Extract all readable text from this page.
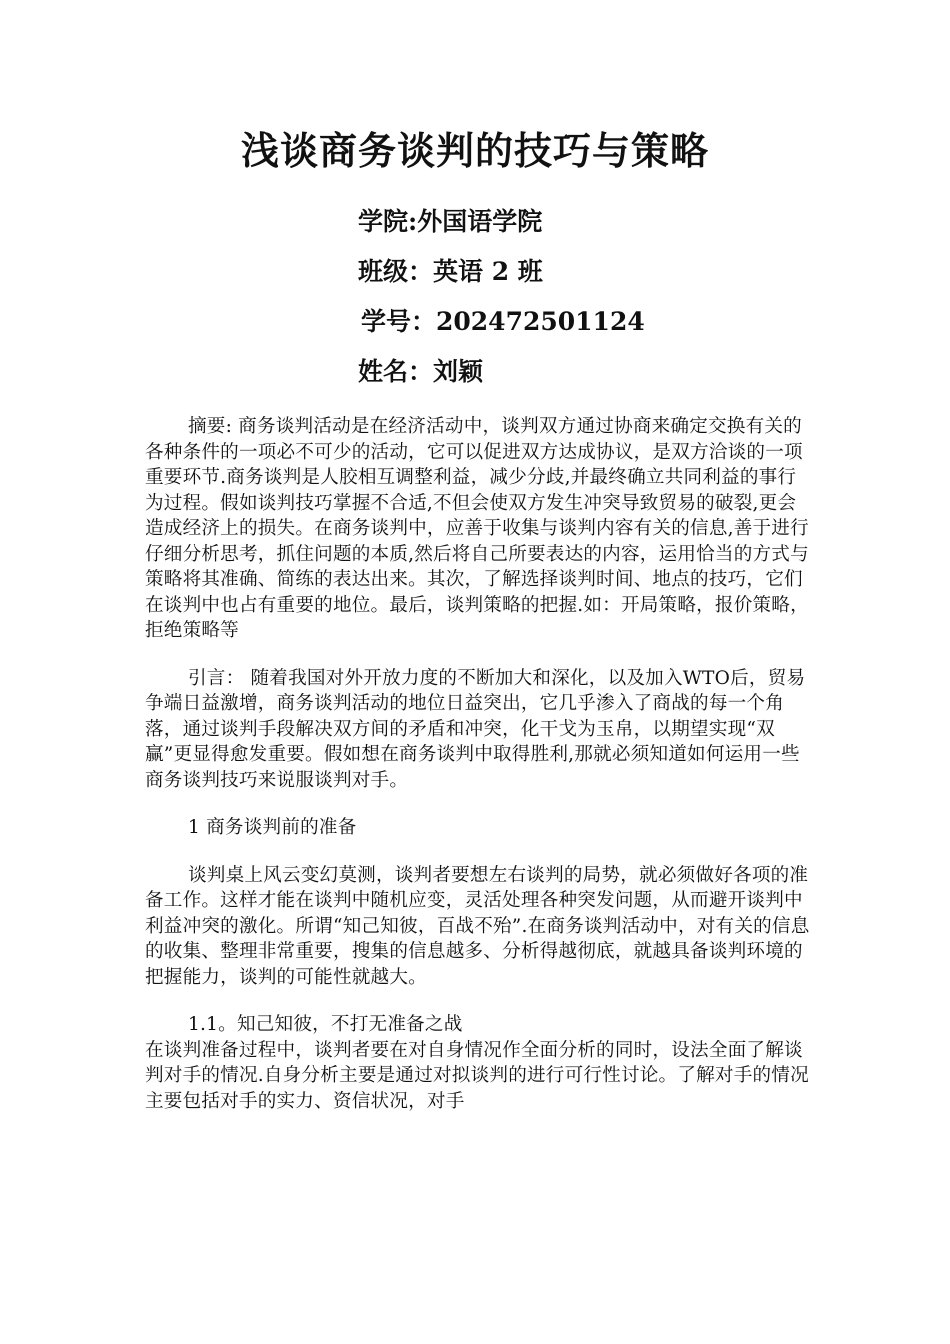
浅谈商务谈判的技巧与策略
学院:外国语学院
班级：英语 2 班
学号：202472501124
姓名：刘颖

摘要: 商务谈判活动是在经济活动中，谈判双方通过协商来确定交换有关的各种条件的一项必不可少的活动，它可以促进双方达成协议，是双方洽谈的一项重要环节.商务谈判是人胶相互调整利益，减少分歧,并最终确立共同利益的事行为过程。假如谈判技巧掌握不合适,不但会使双方发生冲突导致贸易的破裂,更会造成经济上的损失。在商务谈判中，应善于收集与谈判内容有关的信息,善于进行仔细分析思考，抓住问题的本质,然后将自己所要表达的内容，运用恰当的方式与策略将其准确、简练的表达出来。其次，了解选择谈判时间、地点的技巧，它们在谈判中也占有重要的地位。最后，谈判策略的把握.如：开局策略，报价策略，拒绝策略等

引言： 随着我国对外开放力度的不断加大和深化，以及加入WTO后，贸易争端日益激增，商务谈判活动的地位日益突出，它几乎渗入了商战的每一个角落，通过谈判手段解决双方间的矛盾和冲突，化干戈为玉帛，以期望实现“双赢”更显得愈发重要。假如想在商务谈判中取得胜利,那就必须知道如何运用一些商务谈判技巧来说服谈判对手。

1 商务谈判前的准备

谈判桌上风云变幻莫测，谈判者要想左右谈判的局势，就必须做好各项的准备工作。这样才能在谈判中随机应变，灵活处理各种突发问题，从而避开谈判中利益冲突的激化。所谓“知己知彼，百战不殆”.在商务谈判活动中，对有关的信息的收集、整理非常重要，搜集的信息越多、分析得越彻底，就越具备谈判环境的把握能力，谈判的可能性就越大。

1.1。知己知彼，不打无准备之战

在谈判准备过程中，谈判者要在对自身情况作全面分析的同时，设法全面了解谈判对手的情况.自身分析主要是通过对拟谈判的进行可行性讨论。了解对手的情况主要包括对手的实力、资信状况，对手
